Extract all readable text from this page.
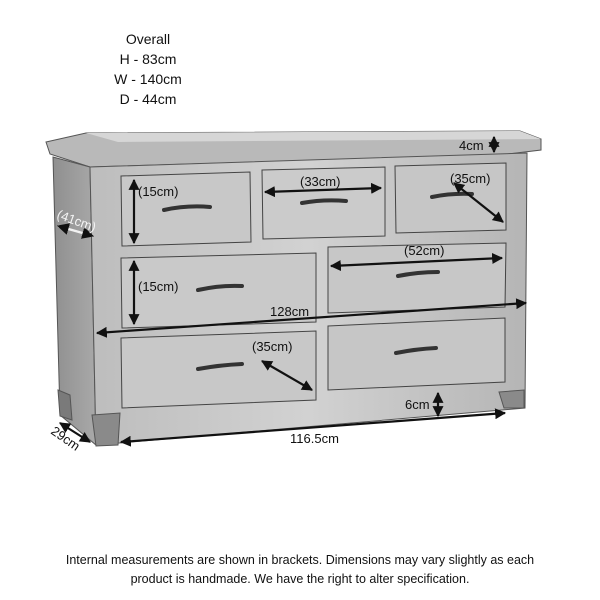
Overall
H - 83cm
W - 140cm
D - 44cm
4cm
(41cm)
(15cm)
(33cm)	(35cm)
(52cm)
(15cm)
128cm
(35cm)
6cm
29cm	116.5cm
Internal measurements are shown in brackets. Dimensions may vary slightly as each
product is handmade. We have the right to alter specification.
